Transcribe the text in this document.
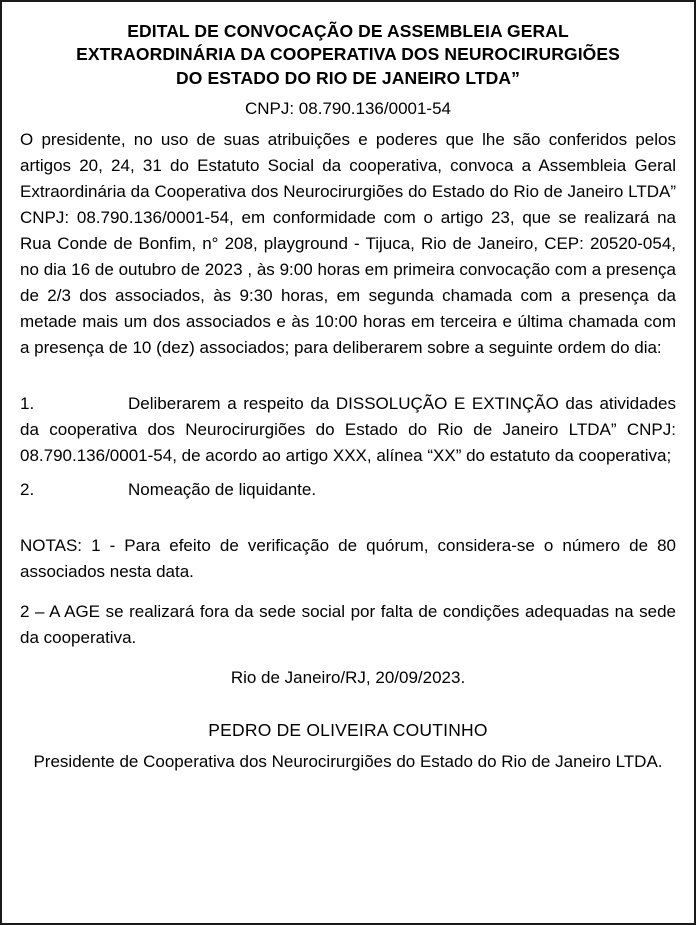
EDITAL DE CONVOCAÇÃO DE ASSEMBLEIA GERAL
EXTRAORDINÁRIA DA COOPERATIVA DOS NEUROCIRURGIÕES
DO ESTADO DO RIO DE JANEIRO LTDA”
CNPJ: 08.790.136/0001-54
O presidente, no uso de suas atribuições e poderes que lhe são conferidos pelos artigos 20, 24, 31 do Estatuto Social da cooperativa, convoca a Assembleia Geral Extraordinária da Cooperativa dos Neurocirurgiões do Estado do Rio de Janeiro LTDA” CNPJ: 08.790.136/0001-54, em conformidade com o artigo 23, que se realizará na Rua Conde de Bonfim, n° 208, playground - Tijuca, Rio de Janeiro, CEP: 20520-054, no dia 16 de outubro de 2023 , às 9:00 horas em primeira convocação com a presença de 2/3 dos associados, às 9:30 horas, em segunda chamada com a presença da metade mais um dos associados e às 10:00 horas em terceira e última chamada com a presença de 10 (dez) associados; para deliberarem sobre a seguinte ordem do dia:
1.	Deliberarem a respeito da DISSOLUÇÃO E EXTINÇÃO das atividades da cooperativa dos Neurocirurgiões do Estado do Rio de Janeiro LTDA” CNPJ: 08.790.136/0001-54, de acordo ao artigo XXX, alínea “XX” do estatuto da cooperativa;
2.	Nomeação de liquidante.
NOTAS: 1 - Para efeito de verificação de quórum, considera-se o número de 80 associados nesta data.
2 – A AGE se realizará fora da sede social por falta de condições adequadas na sede da cooperativa.
Rio de Janeiro/RJ, 20/09/2023.
PEDRO DE OLIVEIRA COUTINHO
Presidente de Cooperativa dos Neurocirurgiões do Estado do Rio de Janeiro LTDA.
